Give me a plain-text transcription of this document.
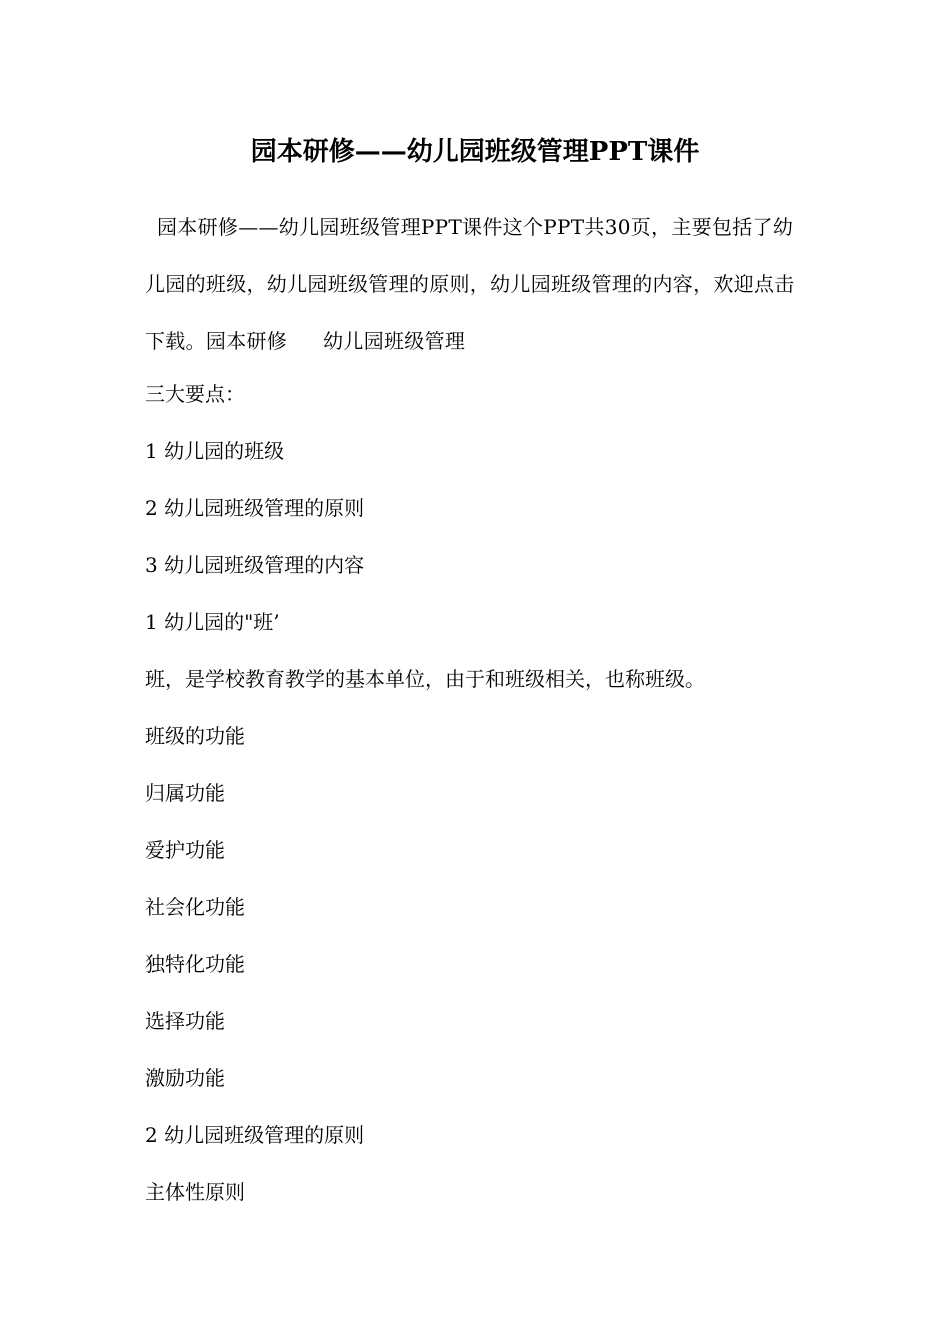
园本研修——幼儿园班级管理PPT课件
园本研修——幼儿园班级管理PPT课件这个PPT共30页，主要包括了幼儿园的班级，幼儿园班级管理的原则，幼儿园班级管理的内容，欢迎点击下载。园本研修 幼儿园班级管理
三大要点：
1 幼儿园的班级
2 幼儿园班级管理的原则
3 幼儿园班级管理的内容
1 幼儿园的"班’
班，是学校教育教学的基本单位，由于和班级相关，也称班级。
班级的功能
归属功能
爱护功能
社会化功能
独特化功能
选择功能
激励功能
2 幼儿园班级管理的原则
主体性原则
